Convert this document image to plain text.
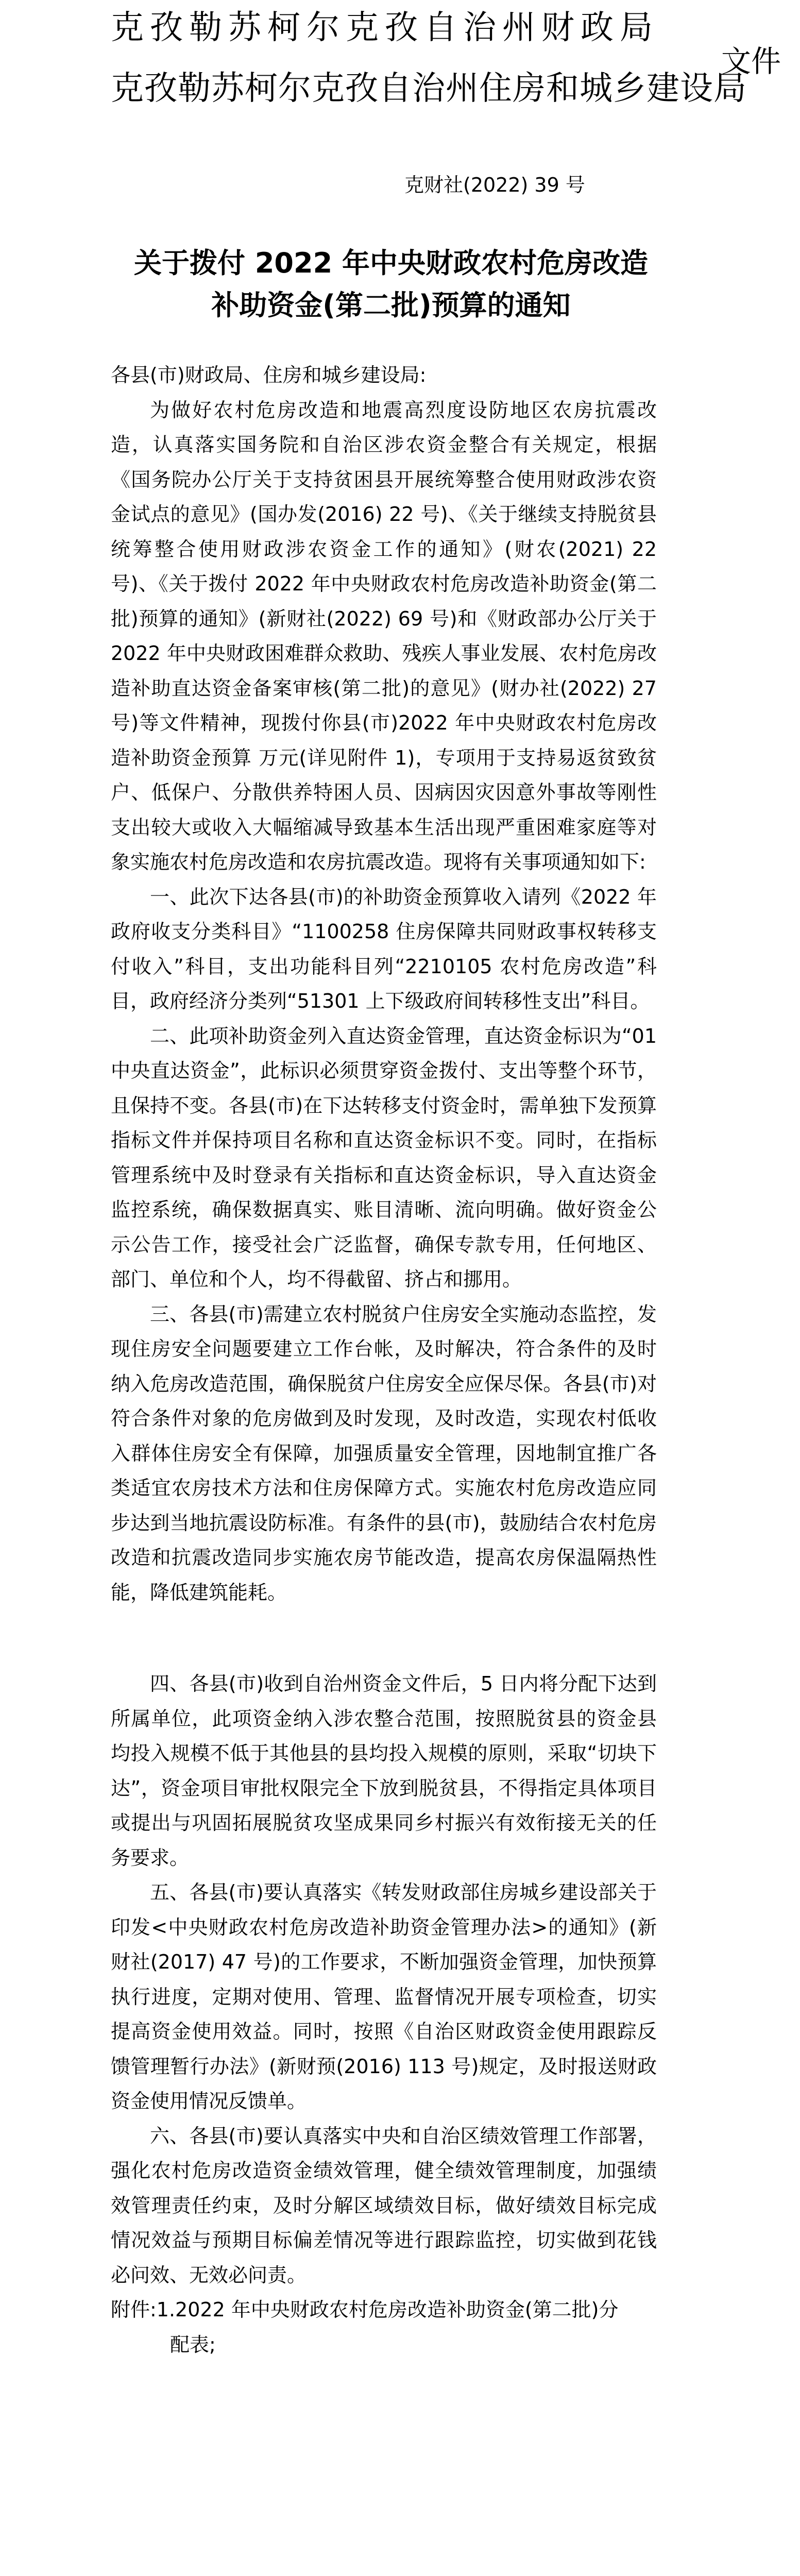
克孜勒苏柯尔克孜自治州财政局
克孜勒苏柯尔克孜自治州住房和城乡建设局
文件
克财社(2022) 39 号
关于拨付 2022 年中央财政农村危房改造
补助资金(第二批)预算的通知

各县(市)财政局、住房和城乡建设局:

为做好农村危房改造和地震高烈度设防地区农房抗震改造，认真落实国务院和自治区涉农资金整合有关规定，根据《国务院办公厅关于支持贫困县开展统筹整合使用财政涉农资金试点的意见》(国办发(2016) 22 号)、《关于继续支持脱贫县统筹整合使用财政涉农资金工作的通知》(财农(2021) 22 号)、《关于拨付 2022 年中央财政农村危房改造补助资金(第二批)预算的通知》(新财社(2022) 69 号)和《财政部办公厅关于 2022 年中央财政困难群众救助、残疾人事业发展、农村危房改造补助直达资金备案审核(第二批)的意见》(财办社(2022) 27 号)等文件精神，现拨付你县(市)2022 年中央财政农村危房改造补助资金预算 万元(详见附件 1)，专项用于支持易返贫致贫户、低保户、分散供养特困人员、因病因灾因意外事故等刚性支出较大或收入大幅缩减导致基本生活出现严重困难家庭等对象实施农村危房改造和农房抗震改造。现将有关事项通知如下:

一、此次下达各县(市)的补助资金预算收入请列《2022 年政府收支分类科目》“1100258 住房保障共同财政事权转移支付收入”科目，支出功能科目列“2210105 农村危房改造”科目，政府经济分类列“51301 上下级政府间转移性支出”科目。

二、此项补助资金列入直达资金管理，直达资金标识为“01 中央直达资金”，此标识必须贯穿资金拨付、支出等整个环节，且保持不变。各县(市)在下达转移支付资金时，需单独下发预算指标文件并保持项目名称和直达资金标识不变。同时，在指标管理系统中及时登录有关指标和直达资金标识，导入直达资金监控系统，确保数据真实、账目清晰、流向明确。做好资金公示公告工作，接受社会广泛监督，确保专款专用，任何地区、部门、单位和个人，均不得截留、挤占和挪用。

三、各县(市)需建立农村脱贫户住房安全实施动态监控，发现住房安全问题要建立工作台帐，及时解决，符合条件的及时纳入危房改造范围，确保脱贫户住房安全应保尽保。各县(市)对符合条件对象的危房做到及时发现，及时改造，实现农村低收入群体住房安全有保障，加强质量安全管理，因地制宜推广各类适宜农房技术方法和住房保障方式。实施农村危房改造应同步达到当地抗震设防标准。有条件的县(市)，鼓励结合农村危房改造和抗震改造同步实施农房节能改造，提高农房保温隔热性能，降低建筑能耗。

四、各县(市)收到自治州资金文件后，5 日内将分配下达到所属单位，此项资金纳入涉农整合范围，按照脱贫县的资金县均投入规模不低于其他县的县均投入规模的原则，采取“切块下达”，资金项目审批权限完全下放到脱贫县，不得指定具体项目或提出与巩固拓展脱贫攻坚成果同乡村振兴有效衔接无关的任务要求。

五、各县(市)要认真落实《转发财政部住房城乡建设部关于印发<中央财政农村危房改造补助资金管理办法>的通知》(新财社(2017) 47 号)的工作要求，不断加强资金管理，加快预算执行进度，定期对使用、管理、监督情况开展专项检查，切实提高资金使用效益。同时，按照《自治区财政资金使用跟踪反馈管理暂行办法》(新财预(2016) 113 号)规定，及时报送财政资金使用情况反馈单。

六、各县(市)要认真落实中央和自治区绩效管理工作部署，强化农村危房改造资金绩效管理，健全绩效管理制度，加强绩效管理责任约束，及时分解区域绩效目标，做好绩效目标完成情况效益与预期目标偏差情况等进行跟踪监控，切实做到花钱必问效、无效必问责。

附件:1.2022 年中央财政农村危房改造补助资金(第二批)分
配表;
